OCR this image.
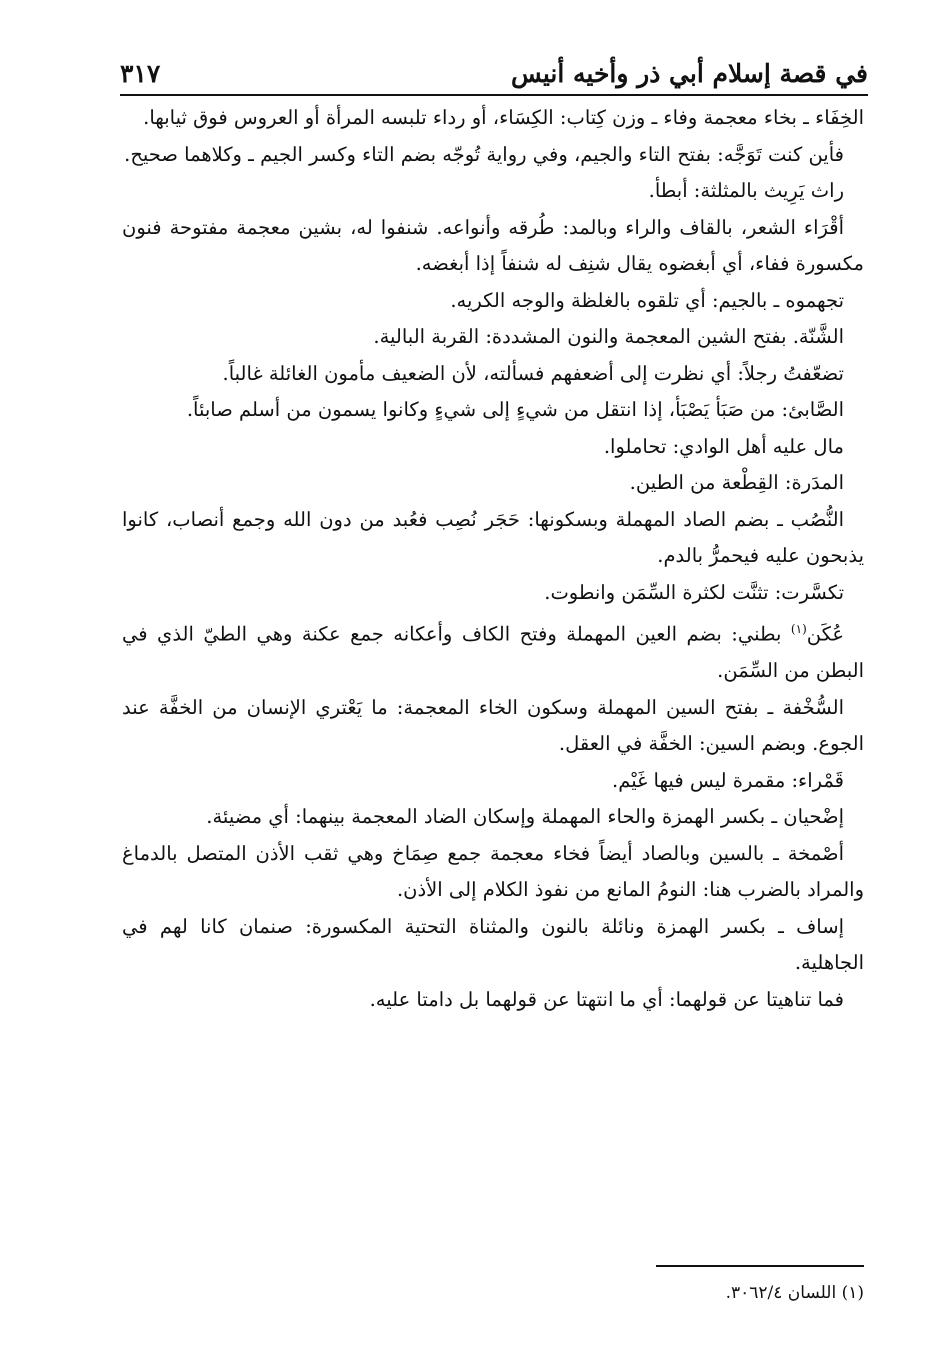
في قصة إسلام أبي ذر وأخيه أنيس
٣١٧

الخِفَاء ـ بخاء معجمة وفاء ـ وزن كِتاب: الكِسَاء، أو رداء تلبسه المرأة أو العروس فوق ثيابها.

فأين كنت تَوَجَّه: بفتح التاء والجيم، وفي رواية تُوجّه بضم التاء وكسر الجيم ـ وكلاهما صحيح.

راث يَرِيث بالمثلثة: أبطأ.

أقْرَاء الشعر، بالقاف والراء وبالمد: طُرقه وأنواعه. شنفوا له، بشين معجمة مفتوحة فنون مكسورة ففاء، أي أبغضوه يقال شنِف له شنفاً إذا أبغضه.

تجهموه ـ بالجيم: أي تلقوه بالغلظة والوجه الكريه.

الشَّنّة. بفتح الشين المعجمة والنون المشددة: القربة البالية.

تضعّفتُ رجلاً: أي نظرت إلى أضعفهم فسألته، لأن الضعيف مأمون الغائلة غالباً.

الصَّابئ: من صَبَأ يَصْبَأ، إذا انتقل من شيءٍ إلى شيءٍ وكانوا يسمون من أسلم صابئاً.

مال عليه أهل الوادي: تحاملوا.

المدَرة: القِطْعة من الطين.

النُّصُب ـ بضم الصاد المهملة وبسكونها: حَجَر نُصِب فعُبد من دون الله وجمع أنصاب، كانوا يذبحون عليه فيحمرُّ بالدم.

تكسَّرت: تثنَّت لكثرة السِّمَن وانطوت.

عُكَن$^{(١)}$ بطني: بضم العين المهملة وفتح الكاف وأعكانه جمع عكنة وهي الطيّ الذي في البطن من السِّمَن.

السُّخْفة ـ بفتح السين المهملة وسكون الخاء المعجمة: ما يَعْتري الإنسان من الخفَّة عند الجوع. وبضم السين: الخفَّة في العقل.

قَمْراء: مقمرة ليس فيها غَيْم.

إضْحيان ـ بكسر الهمزة والحاء المهملة وإسكان الضاد المعجمة بينهما: أي مضيئة.

أصْمخة ـ بالسين وبالصاد أيضاً فخاء معجمة جمع صِمَاخ وهي ثقب الأذن المتصل بالدماغ والمراد بالضرب هنا: النومُ المانع من نفوذ الكلام إلى الأذن.

إساف ـ بكسر الهمزة ونائلة بالنون والمثناة التحتية المكسورة: صنمان كانا لهم في الجاهلية.

فما تناهيتا عن قولهما: أي ما انتهتا عن قولهما بل دامتا عليه.

(١) اللسان ٣٠٦٢/٤.
